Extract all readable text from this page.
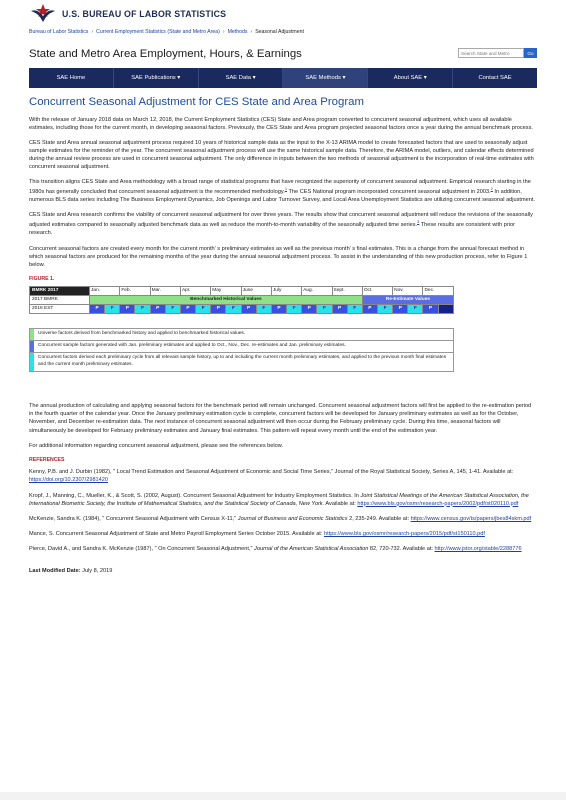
U.S. BUREAU OF LABOR STATISTICS
Bureau of Labor Statistics › Current Employment Statistics (State and Metro Area) › Methods › Seasonal Adjustment
State and Metro Area Employment, Hours, & Earnings
Search State and Metro	Go
SAE Home	SAE Publications ▾	SAE Data ▾	SAE Methods ▾	About SAE ▾	Contact SAE
Concurrent Seasonal Adjustment for CES State and Area Program

With the release of January 2018 data on March 12, 2018, the Current Employment Statistics (CES) State and Area program converted to concurrent seasonal adjustment, which uses all available estimates, including those for the current month, in developing seasonal factors. Previously, the CES State and Area program projected seasonal factors once a year during the annual benchmark process.

CES State and Area annual seasonal adjustment process required 10 years of historical sample data as the input to the X-13 ARIMA model to create forecasted factors that are used to seasonally adjust sample estimates for the reminder of the year. The concurrent seasonal adjustment process will use the same historical sample data. Therefore, the ARIMA model, outliers, and calendar effects determined during the annual review process are used in concurrent seasonal adjustment. The only difference in inputs between the two methods of seasonal adjustment is the incorporation of real-time estimates with concurrent seasonal adjustment.

This transition aligns CES State and Area methodology with a broad range of statistical programs that have recognized the superiority of concurrent seasonal adjustment. Empirical research starting in the 1980s has generally concluded that concurrent seasonal adjustment is the recommended methodology.$^1$ The CES National program incorporated concurrent seasonal adjustment in 2003.$^2$ In addition, numerous BLS data series including The Business Employment Dynamics, Job Openings and Labor Turnover Survey, and Local Area Unemployment Statistics are utilizing concurrent seasonal adjustment.

CES State and Area research confirms the viability of concurrent seasonal adjustment for over three years. The results show that concurrent seasonal adjustment will reduce the revisions of the seasonally adjusted estimates compared to seasonally adjusted benchmark data as well as reduce the month-to-month variability of the seasonally adjusted time series.$^3$ These results are consistent with prior research.

Concurrent seasonal factors are created every month for the current month' s preliminary estimates as well as the previous month' s final estimates. This is a change from the annual forecast method in which seasonal factors are produced for the remaining months of the year during the annual seasonal adjustment process. To assist in the understanding of this new production process, refer to Figure 1 below.

FIGURE 1.
BMRK 2017	Jan.		Feb.		Mar.		Apr.		May		June		July		Aug.		Sept.		Oct.		Nov.		Dec.	
2017 BMRK	Benchmarked Historical Values																		Re-Estimate Values					
2018 EST	P	F	P	F	P	F	P	F	P	F	P	F	P	F	P	F	P	F	P	F	P	F	P	
Universe factors derived from benchmarked history and applied to benchmarked historical values.
Concurrent sample factors generated with Jan. preliminary estimates and applied to Oct., Nov., Dec. re-estimates and Jan. preliminary estimates.
Concurrent factors derived each preliminary cycle from all relevant sample history, up to and including the current month preliminary estimates, and applied to the previous month final estimates and the current month preliminary estimates.

The annual production of calculating and applying seasonal factors for the benchmark period will remain unchanged. Concurrent seasonal adjustment factors will first be applied to the re-estimation period in the fourth quarter of the calendar year. Once the January preliminary estimation cycle is complete, concurrent factors will be developed for January preliminary estimates as well as for the October, November, and December re-estimation data. The next instance of concurrent seasonal adjustment will then occur during the February preliminary cycle. During this time, seasonal factors will simultaneously be developed for February preliminary estimates and January final estimates. This pattern will repeat every month until the end of the estimation year.

For additional information regarding concurrent seasonal adjustment, please see the references below.

REFERENCES
Kenny, P.B. and J. Durbin (1982), " Local Trend Estimation and Seasonal Adjustment of Economic and Social Time Series," Journal of the Royal Statistical Society, Series A, 145, 1-41. Available at: https://doi.org/10.2307/2981420
Kropf, J., Manning, C., Mueller, K., & Scott, S. (2002, August). Concurrent Seasonal Adjustment for Industry Employment Statistics. In Joint Statistical Meetings of the American Statistical Association, the International Biometric Society, the Institute of Mathematical Statistics, and the Statistical Society of Canada, New York. Available at: https://www.bls.gov/osmr/research-papers/2002/pdf/st020110.pdf
McKenzie, Sandra K. (1984), " Concurrent Seasonal Adjustment with Census X-11," Journal of Business and Economic Statistics 2, 235-249. Available at: https://www.census.gov/ts/papers/jbes84skm.pdf
Mance, S. Concurrent Seasonal Adjustment of State and Metro Payroll Employment Series October 2015. Available at: https://www.bls.gov/osmr/research-papers/2015/pdf/st150110.pdf
Pierce, David A., and Sandra K. McKenzie (1987), " On Concurrent Seasonal Adjustment," Journal of the American Statistical Association 82, 720-732. Available at: http://www.jstor.org/stable/2288776
Last Modified Date: July 8, 2019
